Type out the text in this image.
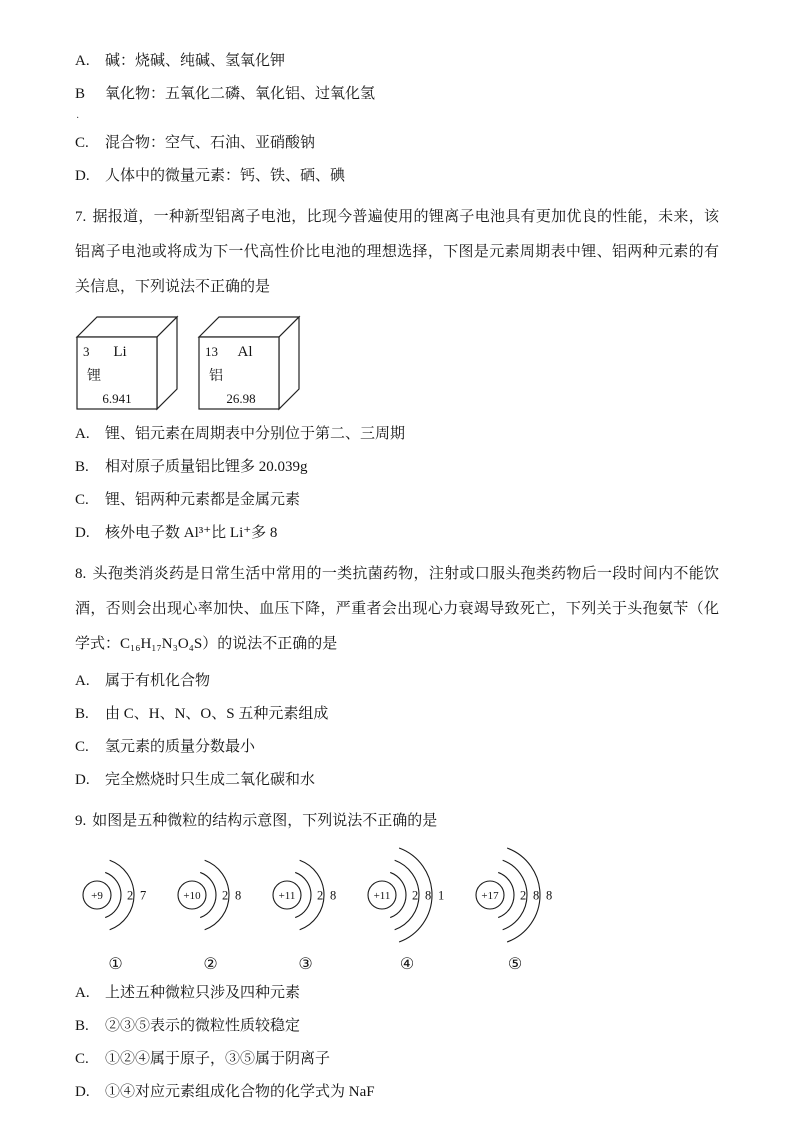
A.	碱：烧碱、纯碱、氢氧化钾
B	氧化物：五氧化二磷、氧化铝、过氧化氢
·
C.	混合物：空气、石油、亚硝酸钠
D.	人体中的微量元素：钙、铁、硒、碘

7. 据报道，一种新型铝离子电池，比现今普遍使用的锂离子电池具有更加优良的性能，未来，该铝离子电池或将成为下一代高性价比电池的理想选择，下图是元素周期表中锂、铝两种元素的有关信息，下列说法不正确的是

3 Li
锂
6.941
13 Al
铝
26.98
A.	锂、铝元素在周期表中分别位于第二、三周期
B.	相对原子质量铝比锂多 20.039g
C.	锂、铝两种元素都是金属元素
D.	核外电子数 Al³⁺比 Li⁺多 8

8. 头孢类消炎药是日常生活中常用的一类抗菌药物，注射或口服头孢类药物后一段时间内不能饮酒，否则会出现心率加快、血压下降，严重者会出现心力衰竭导致死亡，下列关于头孢氨苄（化学式：C₁₆H₁₇N₃O₄S）的说法不正确的是

A.	属于有机化合物
B.	由 C、H、N、O、S 五种元素组成
C.	氢元素的质量分数最小
D.	完全燃烧时只生成二氧化碳和水

9. 如图是五种微粒的结构示意图，下列说法不正确的是

+9 2 7
①
+10 2 8
②
+11 2 8
③
+11 2 8 1
④
+17 2 8 8
⑤
A.	上述五种微粒只涉及四种元素
B.	②③⑤表示的微粒性质较稳定
C.	①②④属于原子，③⑤属于阴离子
D.	①④对应元素组成化合物的化学式为 NaF
